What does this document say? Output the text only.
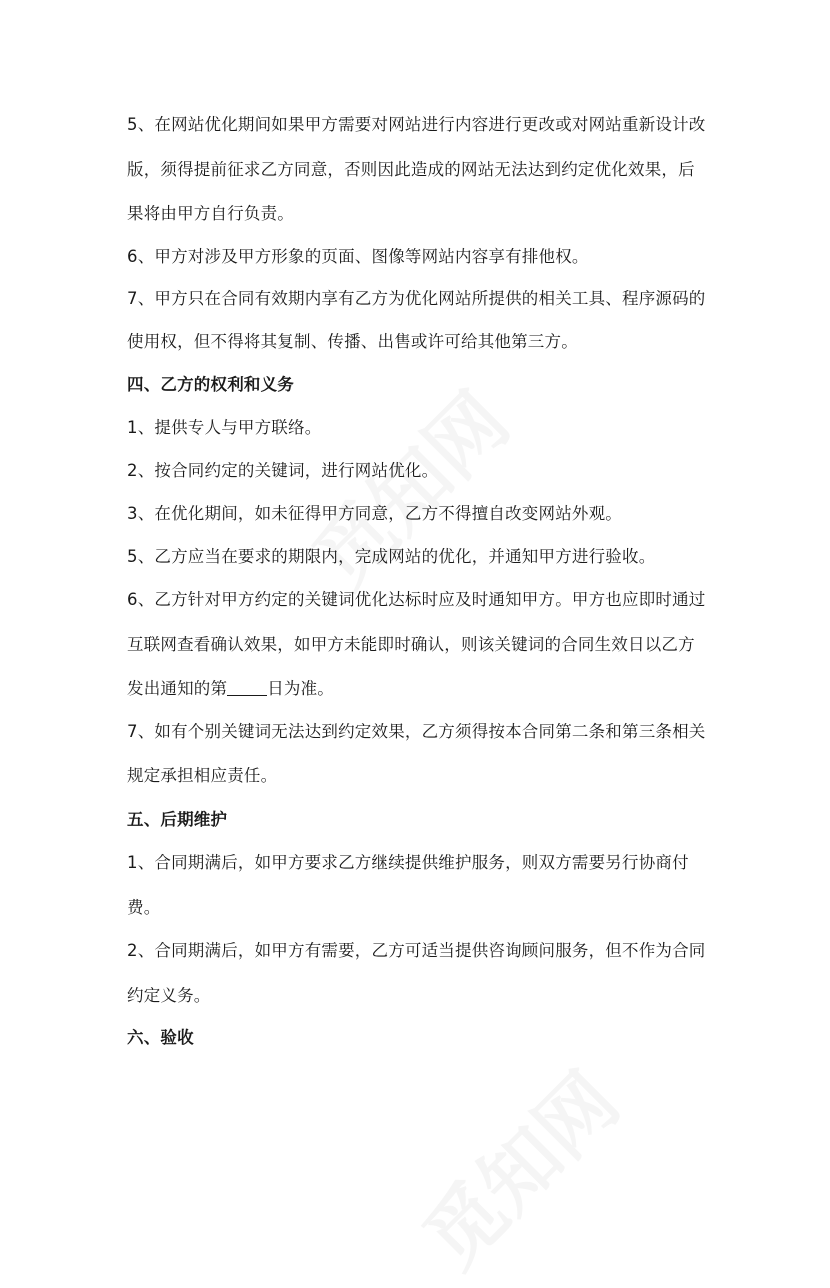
5、在网站优化期间如果甲方需要对网站进行内容进行更改或对网站重新设计改
版，须得提前征求乙方同意，否则因此造成的网站无法达到约定优化效果，后
果将由甲方自行负责。
6、甲方对涉及甲方形象的页面、图像等网站内容享有排他权。
7、甲方只在合同有效期内享有乙方为优化网站所提供的相关工具、程序源码的
使用权，但不得将其复制、传播、出售或许可给其他第三方。
四、乙方的权利和义务
1、提供专人与甲方联络。
2、按合同约定的关键词，进行网站优化。
3、在优化期间，如未征得甲方同意，乙方不得擅自改变网站外观。
5、乙方应当在要求的期限内，完成网站的优化，并通知甲方进行验收。
6、乙方针对甲方约定的关键词优化达标时应及时通知甲方。甲方也应即时通过
互联网查看确认效果，如甲方未能即时确认，则该关键词的合同生效日以乙方
发出通知的第 日为准。
7、如有个别关键词无法达到约定效果，乙方须得按本合同第二条和第三条相关
规定承担相应责任。
五、后期维护
1、合同期满后，如甲方要求乙方继续提供维护服务，则双方需要另行协商付
费。
2、合同期满后，如甲方有需要，乙方可适当提供咨询顾问服务，但不作为合同
约定义务。
六、验收
